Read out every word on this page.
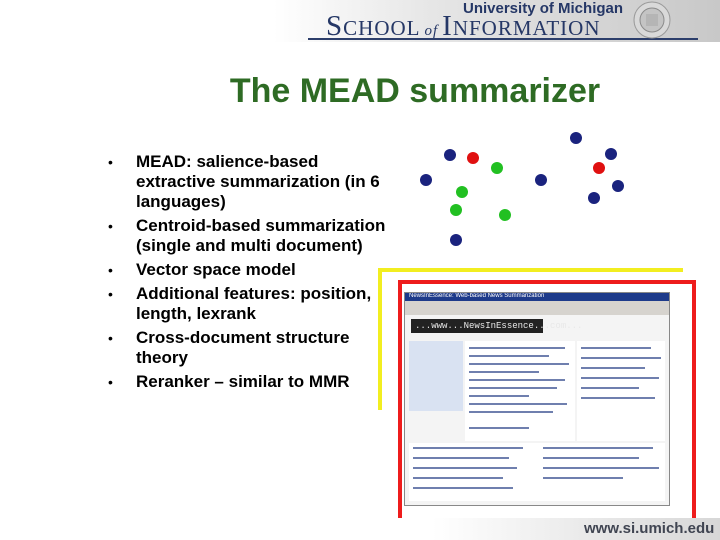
University of Michigan
SCHOOL of INFORMATION
The MEAD summarizer
• MEAD: salience-based extractive summarization (in 6 languages)
• Centroid-based summarization (single and multi document)
• Vector space model
• Additional features: position, length, lexrank
• Cross-document structure theory
• Reranker – similar to MMR
NewsInEssence: Web-based News Summarization
...www...NewsInEssence...com...
www.si.umich.edu
